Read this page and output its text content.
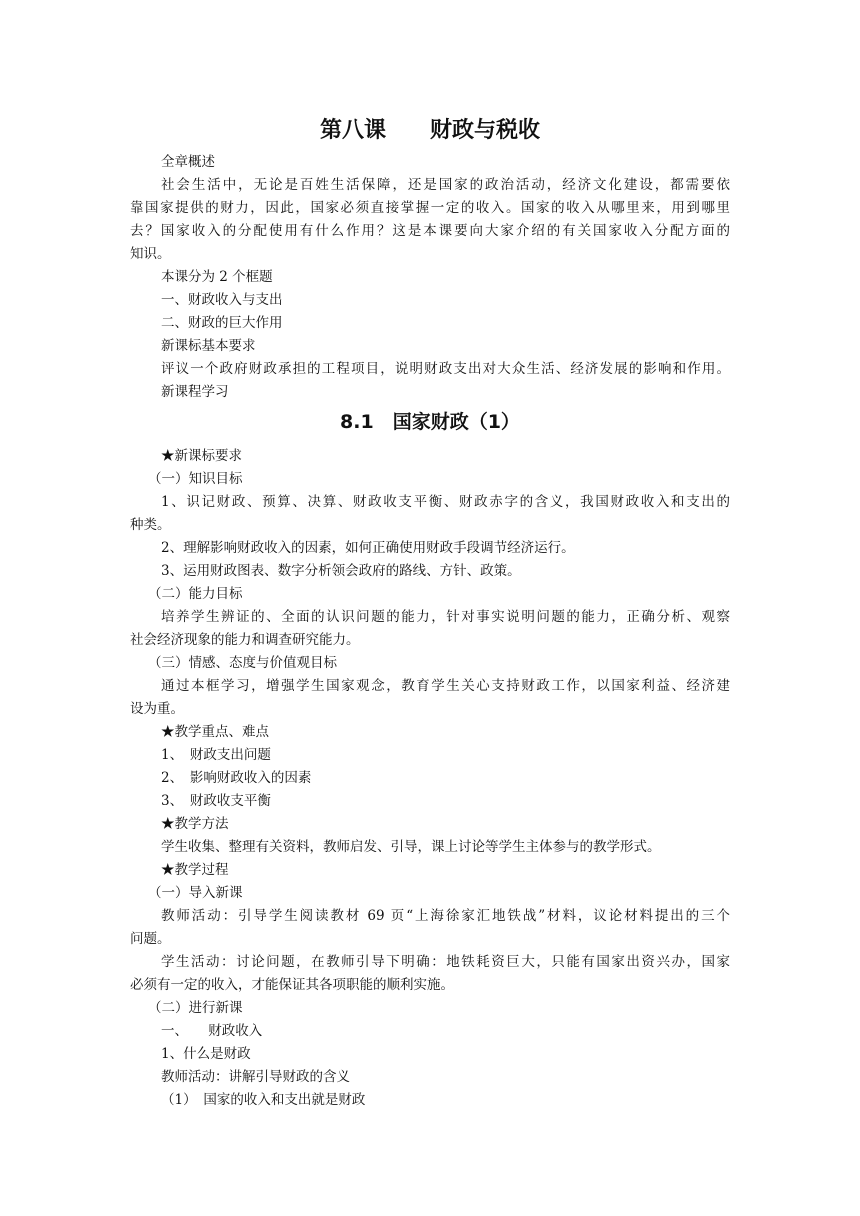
第八课　　财政与税收
全章概述
社会生活中，无论是百姓生活保障，还是国家的政治活动，经济文化建设，都需要依
靠国家提供的财力，因此，国家必须直接掌握一定的收入。国家的收入从哪里来，用到哪里
去？国家收入的分配使用有什么作用？这是本课要向大家介绍的有关国家收入分配方面的
知识。
本课分为 2 个框题
一、财政收入与支出
二、财政的巨大作用
新课标基本要求
评议一个政府财政承担的工程项目，说明财政支出对大众生活、经济发展的影响和作用。
新课程学习
8.1　国家财政（1）
★新课标要求
（一）知识目标
1、识记财政、预算、决算、财政收支平衡、财政赤字的含义，我国财政收入和支出的
种类。
2、理解影响财政收入的因素，如何正确使用财政手段调节经济运行。
3、运用财政图表、数字分析领会政府的路线、方针、政策。
（二）能力目标
培养学生辨证的、全面的认识问题的能力，针对事实说明问题的能力，正确分析、观察
社会经济现象的能力和调查研究能力。
（三）情感、态度与价值观目标
通过本框学习，增强学生国家观念，教育学生关心支持财政工作，以国家利益、经济建
设为重。
★教学重点、难点
1、　财政支出问题
2、　影响财政收入的因素
3、　财政收支平衡
★教学方法
学生收集、整理有关资料，教师启发、引导，课上讨论等学生主体参与的教学形式。
★教学过程
（一）导入新课
教师活动：引导学生阅读教材 69 页“上海徐家汇地铁战”材料，议论材料提出的三个
问题。
学生活动：讨论问题，在教师引导下明确：地铁耗资巨大，只能有国家出资兴办，国家
必须有一定的收入，才能保证其各项职能的顺利实施。
（二）进行新课
一、　　财政收入
1、什么是财政
教师活动：讲解引导财政的含义
（1）　国家的收入和支出就是财政
